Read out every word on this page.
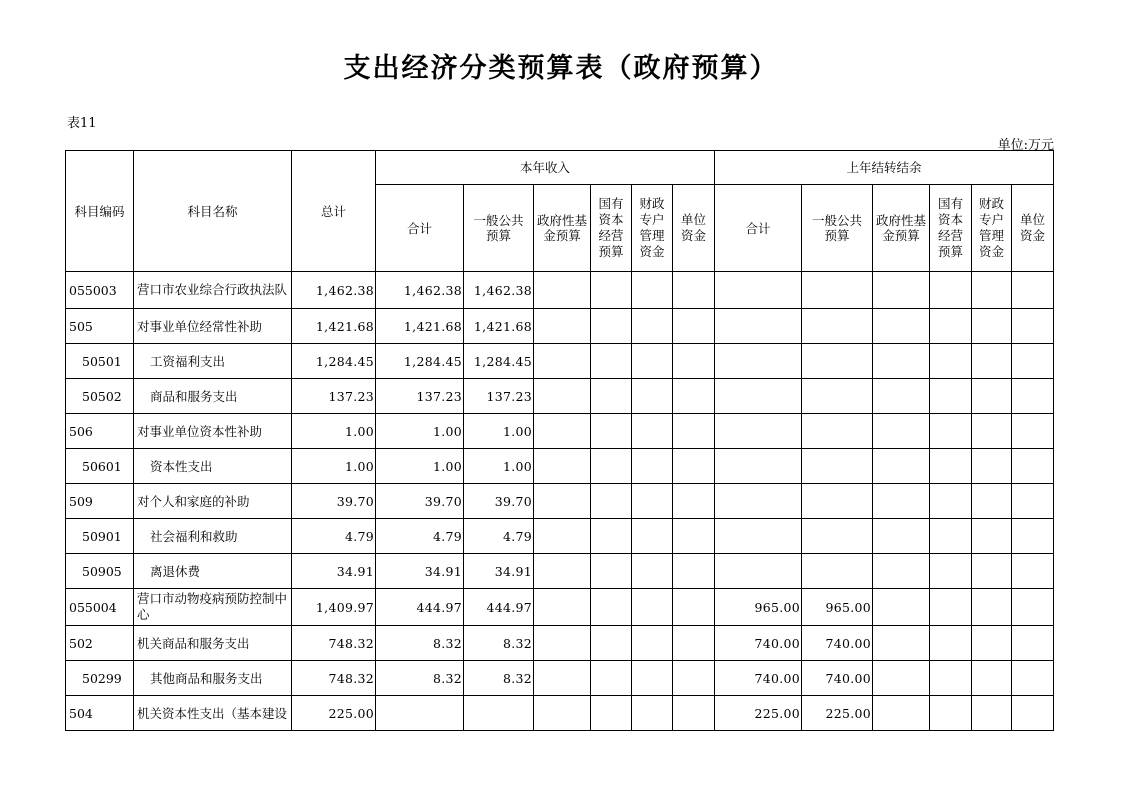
支出经济分类预算表（政府预算）
表11
单位:万元
科目编码	科目名称	总计	本年收入						上年结转结余					
			合计	一般公共预算	政府性基金预算	国有资本经营预算	财政专户管理资金	单位资金	合计	一般公共预算	政府性基金预算	国有资本经营预算	财政专户管理资金	单位资金

055003	营口市农业综合行政执法队	1,462.38	1,462.38	1,462.38										
505	对事业单位经常性补助	1,421.68	1,421.68	1,421.68										
50501	工资福利支出	1,284.45	1,284.45	1,284.45										
50502	商品和服务支出	137.23	137.23	137.23										
506	对事业单位资本性补助	1.00	1.00	1.00										
50601	资本性支出	1.00	1.00	1.00										
509	对个人和家庭的补助	39.70	39.70	39.70										
50901	社会福利和救助	4.79	4.79	4.79										
50905	离退休费	34.91	34.91	34.91										
055004	营口市动物疫病预防控制中心	1,409.97	444.97	444.97					965.00	965.00				
502	机关商品和服务支出	748.32	8.32	8.32					740.00	740.00				
50299	其他商品和服务支出	748.32	8.32	8.32					740.00	740.00				
504	机关资本性支出（基本建设	225.00							225.00	225.00				
